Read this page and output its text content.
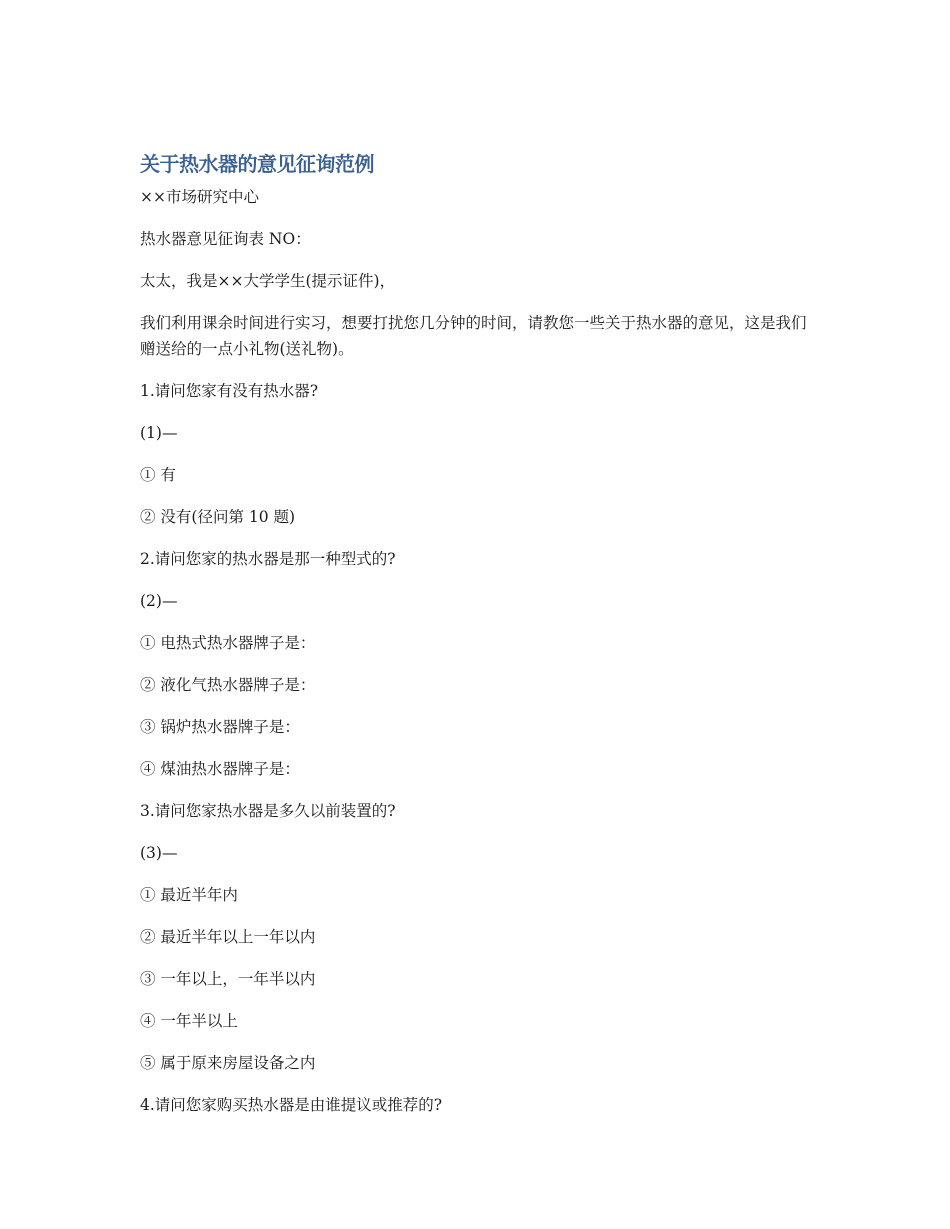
关于热水器的意见征询范例

××市场研究中心

热水器意见征询表 NO：

太太，我是××大学学生(提示证件)，

我们利用课余时间进行实习，想要打扰您几分钟的时间，请教您一些关于热水器的意见，这是我们赠送给的一点小礼物(送礼物)。

1.请问您家有没有热水器?

(1)—

① 有

② 没有(径问第 10 题)

2.请问您家的热水器是那一种型式的?

(2)—

① 电热式热水器牌子是：

② 液化气热水器牌子是：

③ 锅炉热水器牌子是：

④ 煤油热水器牌子是：

3.请问您家热水器是多久以前装置的?

(3)—

① 最近半年内

② 最近半年以上一年以内

③ 一年以上，一年半以内

④ 一年半以上

⑤ 属于原来房屋设备之内

4.请问您家购买热水器是由谁提议或推荐的?
